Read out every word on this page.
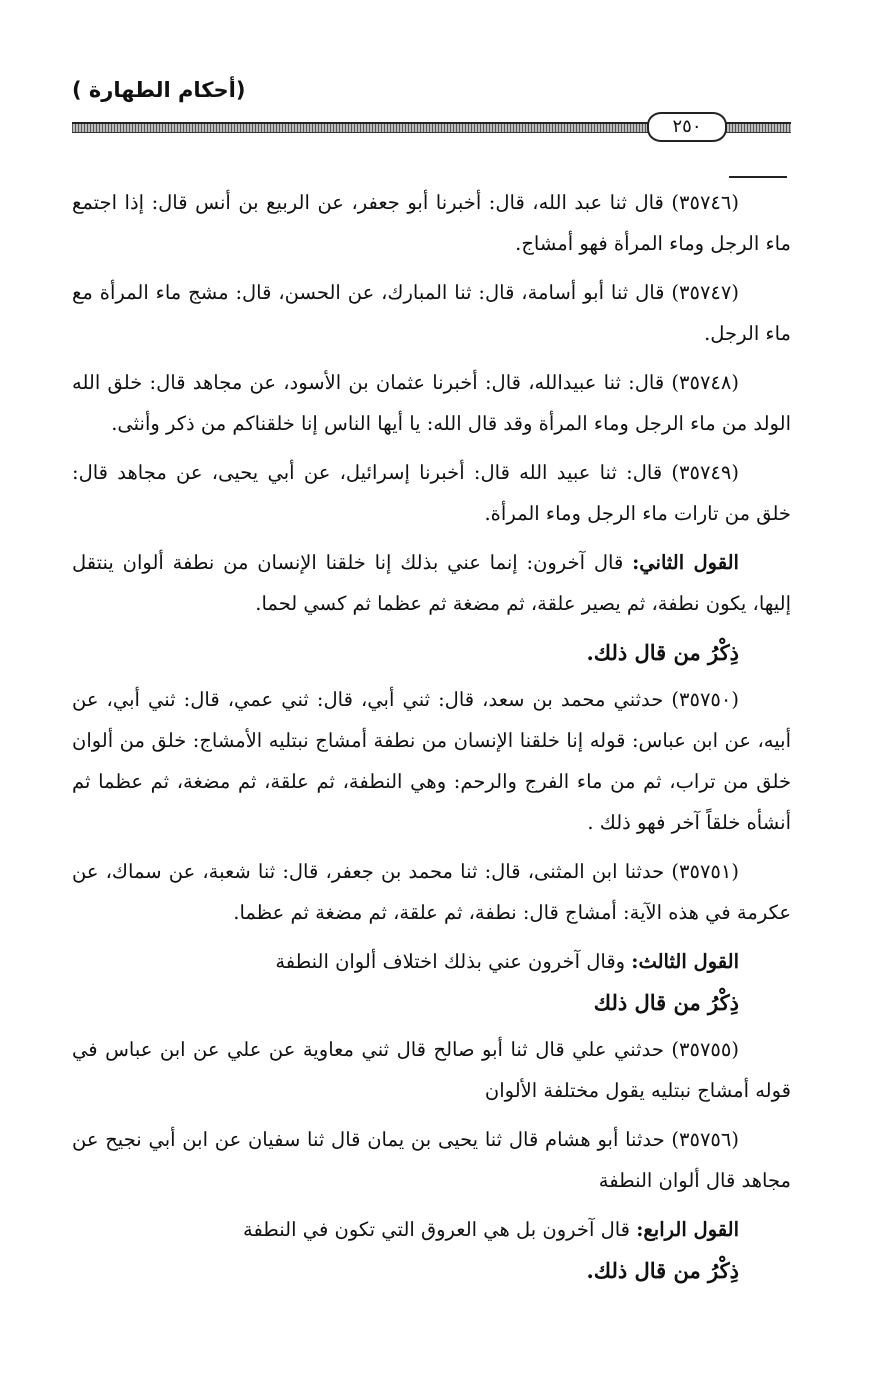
(أحكام الطهارة )
٢٥٠

(٣٥٧٤٦) قال ثنا عبد الله، قال: أخبرنا أبو جعفر، عن الربيع بن أنس قال: إذا اجتمع ماء الرجل وماء المرأة فهو أمشاج.

(٣٥٧٤٧) قال ثنا أبو أسامة، قال: ثنا المبارك، عن الحسن، قال: مشج ماء المرأة مع ماء الرجل.

(٣٥٧٤٨) قال: ثنا عبيدالله، قال: أخبرنا عثمان بن الأسود، عن مجاهد قال: خلق الله الولد من ماء الرجل وماء المرأة وقد قال الله: يا أيها الناس إنا خلقناكم من ذكر وأنثى.

(٣٥٧٤٩) قال: ثنا عبيد الله قال: أخبرنا إسرائيل، عن أبي يحيى، عن مجاهد قال: خلق من تارات ماء الرجل وماء المرأة.

القول الثاني: قال آخرون: إنما عني بذلك إنا خلقنا الإنسان من نطفة ألوان ينتقل إليها، يكون نطفة، ثم يصير علقة، ثم مضغة ثم عظما ثم كسي لحما.

ذِكْرُ من قال ذلك.

(٣٥٧٥٠) حدثني محمد بن سعد، قال: ثني أبي، قال: ثني عمي، قال: ثني أبي، عن أبيه، عن ابن عباس: قوله إنا خلقنا الإنسان من نطفة أمشاج نبتليه الأمشاج: خلق من ألوان خلق من تراب، ثم من ماء الفرج والرحم: وهي النطفة، ثم علقة، ثم مضغة، ثم عظما ثم أنشأه خلقاً آخر فهو ذلك .

(٣٥٧٥١) حدثنا ابن المثنى، قال: ثنا محمد بن جعفر، قال: ثنا شعبة، عن سماك، عن عكرمة في هذه الآية: أمشاج قال: نطفة، ثم علقة، ثم مضغة ثم عظما.

القول الثالث: وقال آخرون عني بذلك اختلاف ألوان النطفة

ذِكْرُ من قال ذلك

(٣٥٧٥٥) حدثني علي قال ثنا أبو صالح قال ثني معاوية عن علي عن ابن عباس في قوله أمشاج نبتليه يقول مختلفة الألوان

(٣٥٧٥٦) حدثنا أبو هشام قال ثنا يحيى بن يمان قال ثنا سفيان عن ابن أبي نجيح عن مجاهد قال ألوان النطفة

القول الرابع: قال آخرون بل هي العروق التي تكون في النطفة

ذِكْرُ من قال ذلك.
